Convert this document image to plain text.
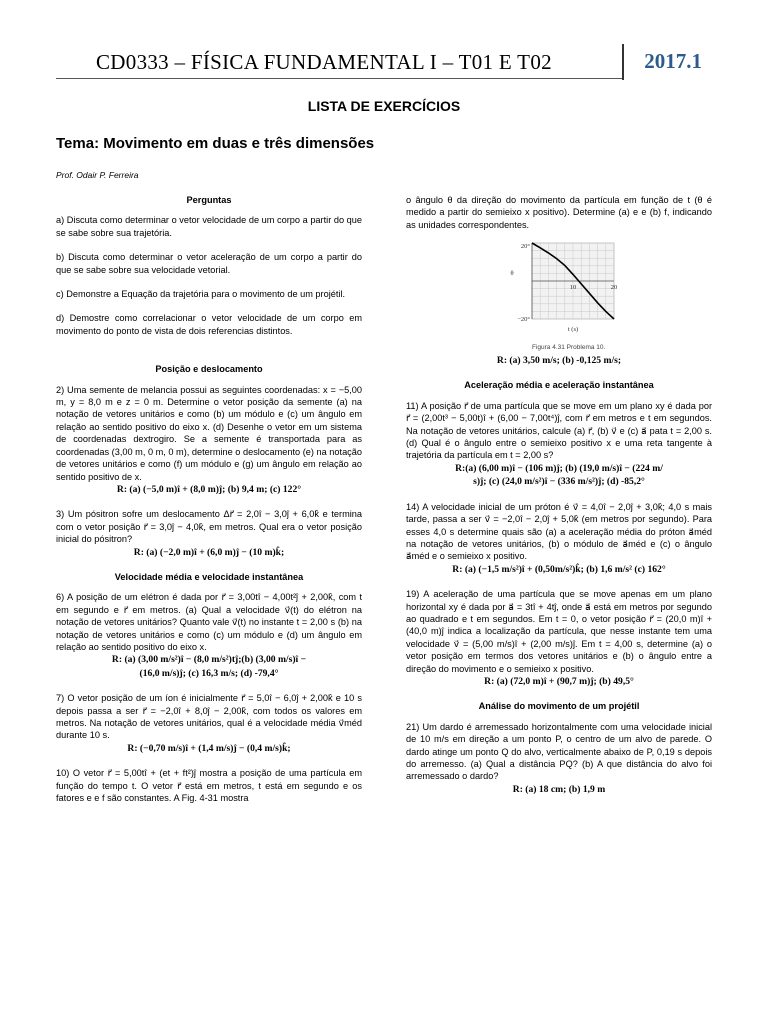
CD0333 – FÍSICA FUNDAMENTAL I – T01 E T02	2017.1
LISTA DE EXERCÍCIOS
Tema: Movimento em duas e três dimensões
Prof. Odair P. Ferreira
Perguntas
a) Discuta como determinar o vetor velocidade de um corpo a partir do que se sabe sobre sua trajetória.
b) Discuta como determinar o vetor aceleração de um corpo a partir do que se sabe sobre sua velocidade vetorial.
c) Demonstre a Equação da trajetória para o movimento de um projétil.
d) Demostre como correlacionar o vetor velocidade de um corpo em movimento do ponto de vista de dois referencias distintos.
Posição e deslocamento
2) Uma semente de melancia possui as seguintes coordenadas: x = −5,00 m, y = 8,0 m e z = 0 m. Determine o vetor posição da semente (a) na notação de vetores unitários e como (b) um módulo e (c) um ângulo em relação ao sentido positivo do eixo x. (d) Desenhe o vetor em um sistema de coordenadas dextrogiro. Se a semente é transportada para as coordenadas (3,00 m, 0 m, 0 m), determine o deslocamento (e) na notação de vetores unitários e como (f) um módulo e (g) um ângulo em relação ao sentido positivo de x.
R: (a) (−5,0 m)î + (8,0 m)ĵ; (b) 9,4 m; (c) 122°
3) Um pósitron sofre um deslocamento Δr⃗ = 2,0î − 3,0ĵ + 6,0k̂ e termina com o vetor posição r⃗ = 3,0ĵ − 4,0k̂, em metros. Qual era o vetor posição inicial do pósitron?
R: (a) (−2,0 m)î + (6,0 m)ĵ − (10 m)k̂;
Velocidade média e velocidade instantânea
6) A posição de um elétron é dada por r⃗ = 3,00tî − 4,00t²ĵ + 2,00k̂, com t em segundo e r⃗ em metros. (a) Qual a velocidade v⃗(t) do elétron na notação de vetores unitários? Quanto vale v⃗(t) no instante t = 2,00 s (b) na notação de vetores unitários e como (c) um módulo e (d) um ângulo em relação ao sentido positivo do eixo x.
R: (a) (3,00 m/s²)î − (8,0 m/s²)tĵ;(b) (3,00 m/s)î −
(16,0 m/s)ĵ; (c) 16,3 m/s; (d) -79,4°
7) O vetor posição de um íon é inicialmente r⃗ = 5,0î − 6,0ĵ + 2,00k̂ e 10 s depois passa a ser r⃗ = −2,0î + 8,0ĵ − 2,00k̂, com todos os valores em metros. Na notação de vetores unitários, qual é a velocidade média v⃗méd durante 10 s.
R: (−0,70 m/s)î + (1,4 m/s)ĵ − (0,4 m/s)k̂;
10) O vetor r⃗ = 5,00tî + (et + ft²)ĵ mostra a posição de uma partícula em função do tempo t. O vetor r⃗ está em metros, t está em segundo e os fatores e e f são constantes. A Fig. 4-31 mostra
o ângulo θ da direção do movimento da partícula em função de t (θ é medido a partir do semieixo x positivo). Determine (a) e e (b) f, indicando as unidades correspondentes.
10	20
20°
−20°
θ
t (s)
Figura 4.31 Problema 10.
R: (a) 3,50 m/s; (b) -0,125 m/s;
Aceleração média e aceleração instantânea
11) A posição r⃗ de uma partícula que se move em um plano xy é dada por r⃗ = (2,00t³ − 5,00t)î + (6,00 − 7,00t⁴)ĵ, com r⃗ em metros e t em segundos. Na notação de vetores unitários, calcule (a) r⃗, (b) v⃗ e (c) a⃗ pata t = 2,00 s. (d) Qual é o ângulo entre o semieixo positivo x e uma reta tangente à trajetória da partícula em t = 2,00 s?
R:(a) (6,00 m)î − (106 m)ĵ; (b) (19,0 m/s)î − (224 m/
s)ĵ; (c) (24,0 m/s²)î − (336 m/s²)ĵ; (d) -85,2°
14) A velocidade inicial de um próton é v⃗ = 4,0î − 2,0ĵ + 3,0k̂; 4,0 s mais tarde, passa a ser v⃗ = −2,0î − 2,0ĵ + 5,0k̂ (em metros por segundo). Para esses 4,0 s determine quais são (a) a aceleração média do próton a⃗méd na notação de vetores unitários, (b) o módulo de a⃗méd e (c) o ângulo a⃗méd e o semieixo x positivo.
R: (a) (−1,5 m/s²)î + (0,50m/s²)k̂; (b) 1,6 m/s² (c) 162°
19) A aceleração de uma partícula que se move apenas em um plano horizontal xy é dada por a⃗ = 3tî + 4tĵ, onde a⃗ está em metros por segundo ao quadrado e t em segundos. Em t = 0, o vetor posição r⃗ = (20,0 m)î + (40,0 m)ĵ indica a localização da partícula, que nesse instante tem uma velocidade v⃗ = (5,00 m/s)î + (2,00 m/s)ĵ. Em t = 4,00 s, determine (a) o vetor posição em termos dos vetores unitários e (b) o ângulo entre a direção do movimento e o semieixo x positivo.
R: (a) (72,0 m)î + (90,7 m)ĵ; (b) 49,5°
Análise do movimento de um projétil
21) Um dardo é arremessado horizontalmente com uma velocidade inicial de 10 m/s em direção a um ponto P, o centro de um alvo de parede. O dardo atinge um ponto Q do alvo, verticalmente abaixo de P, 0,19 s depois do arremesso. (a) Qual a distância PQ? (b) A que distância do alvo foi arremessado o dardo?
R: (a) 18 cm; (b) 1,9 m
